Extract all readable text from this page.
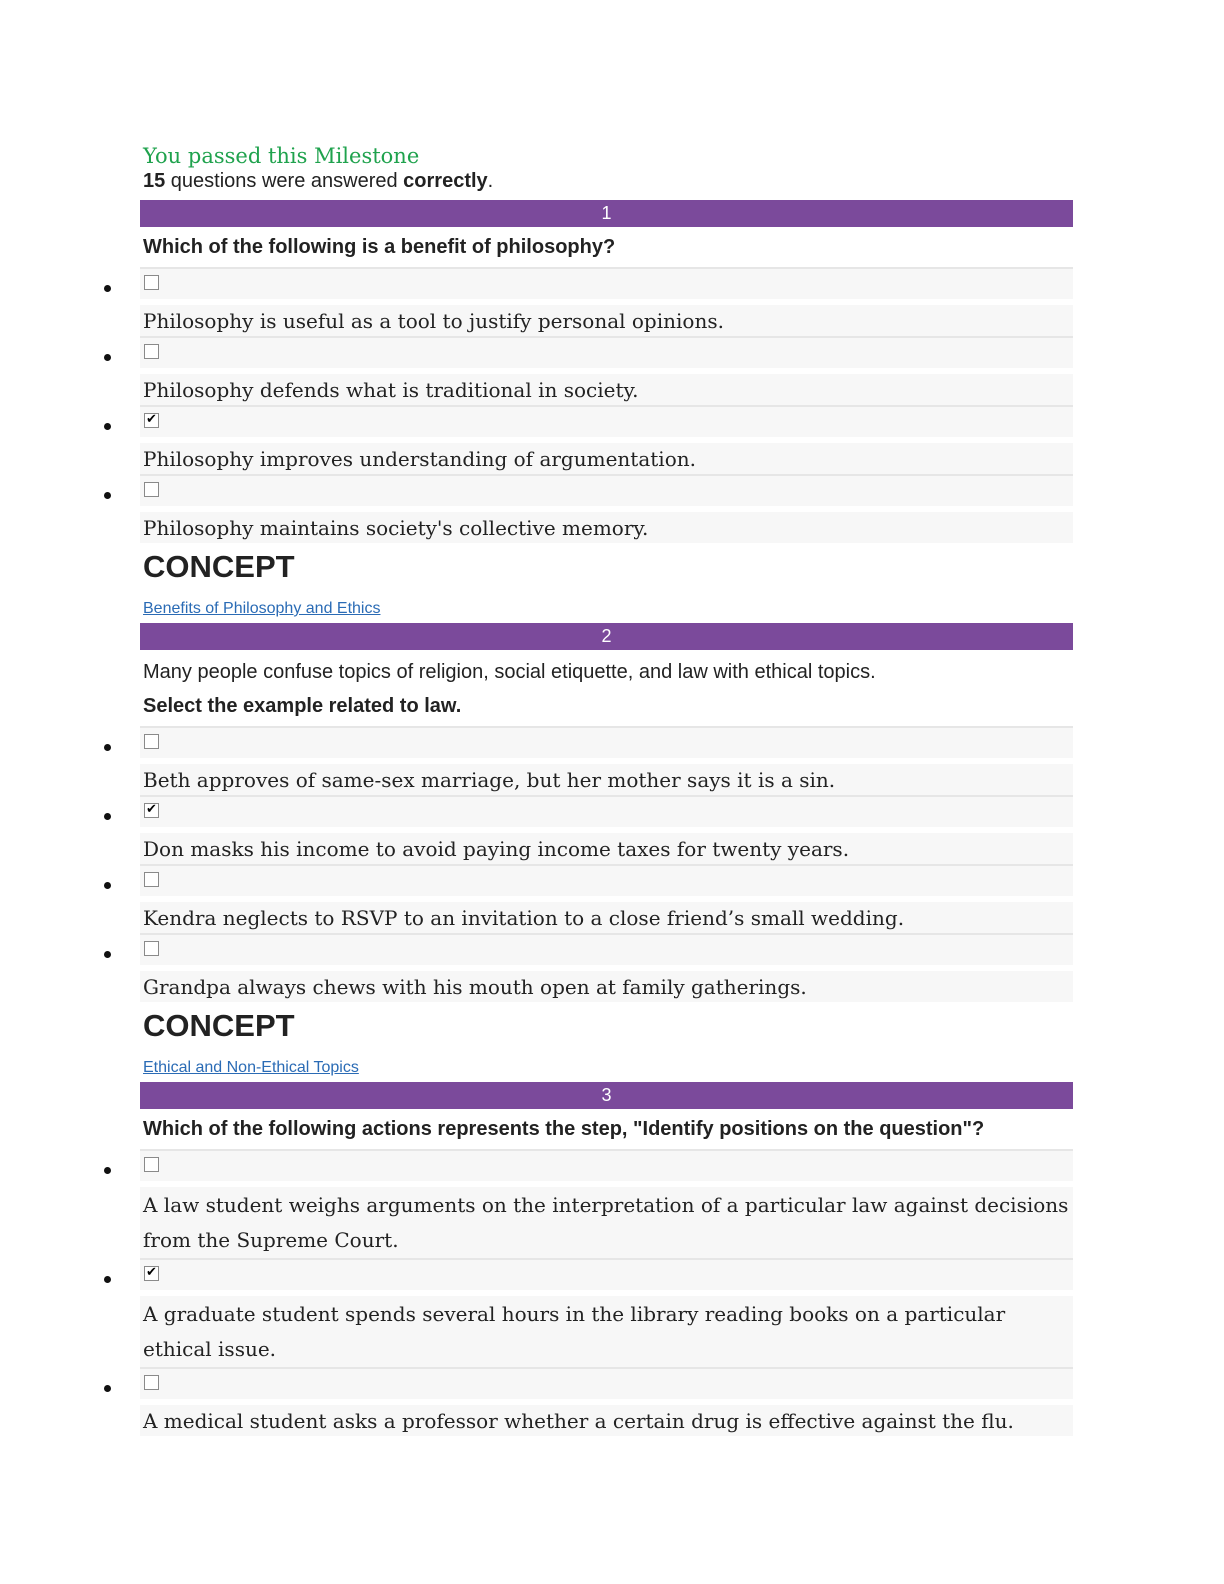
You passed this Milestone
15 questions were answered correctly.
1
Which of the following is a benefit of philosophy?
Philosophy is useful as a tool to justify personal opinions.
Philosophy defends what is traditional in society.
✔
Philosophy improves understanding of argumentation.
Philosophy maintains society's collective memory.
CONCEPT
Benefits of Philosophy and Ethics
2
Many people confuse topics of religion, social etiquette, and law with ethical topics.
Select the example related to law.
Beth approves of same-sex marriage, but her mother says it is a sin.
✔
Don masks his income to avoid paying income taxes for twenty years.
Kendra neglects to RSVP to an invitation to a close friend’s small wedding.
Grandpa always chews with his mouth open at family gatherings.
CONCEPT
Ethical and Non-Ethical Topics
3
Which of the following actions represents the step, "Identify positions on the question"?
A law student weighs arguments on the interpretation of a particular law against decisions from the Supreme Court.
✔
A graduate student spends several hours in the library reading books on a particular ethical issue.
A medical student asks a professor whether a certain drug is effective against the flu.
